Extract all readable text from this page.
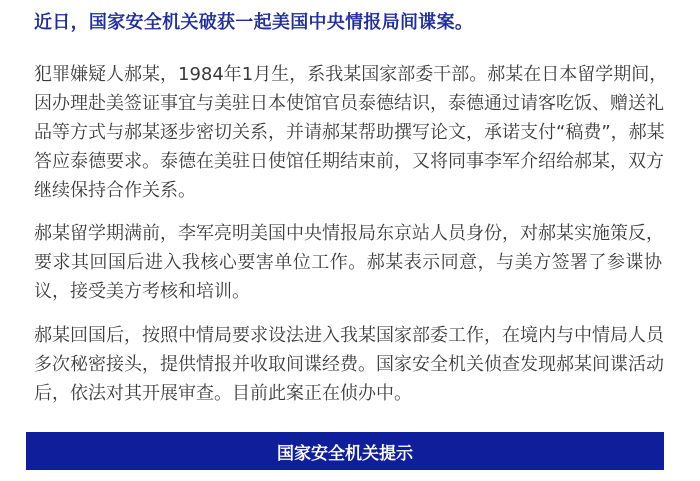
近日，国家安全机关破获一起美国中央情报局间谍案。
犯罪嫌疑人郝某，1984年1月生，系我某国家部委干部。郝某在日本留学期间，
因办理赴美签证事宜与美驻日本使馆官员泰德结识，泰德通过请客吃饭、赠送礼
品等方式与郝某逐步密切关系，并请郝某帮助撰写论文，承诺支付“稿费”，郝某
答应泰德要求。泰德在美驻日使馆任期结束前，又将同事李军介绍给郝某，双方
继续保持合作关系。
郝某留学期满前，李军亮明美国中央情报局东京站人员身份，对郝某实施策反，
要求其回国后进入我核心要害单位工作。郝某表示同意，与美方签署了参谍协
议，接受美方考核和培训。
郝某回国后，按照中情局要求设法进入我某国家部委工作，在境内与中情局人员
多次秘密接头，提供情报并收取间谍经费。国家安全机关侦查发现郝某间谍活动
后，依法对其开展审查。目前此案正在侦办中。
国家安全机关提示
